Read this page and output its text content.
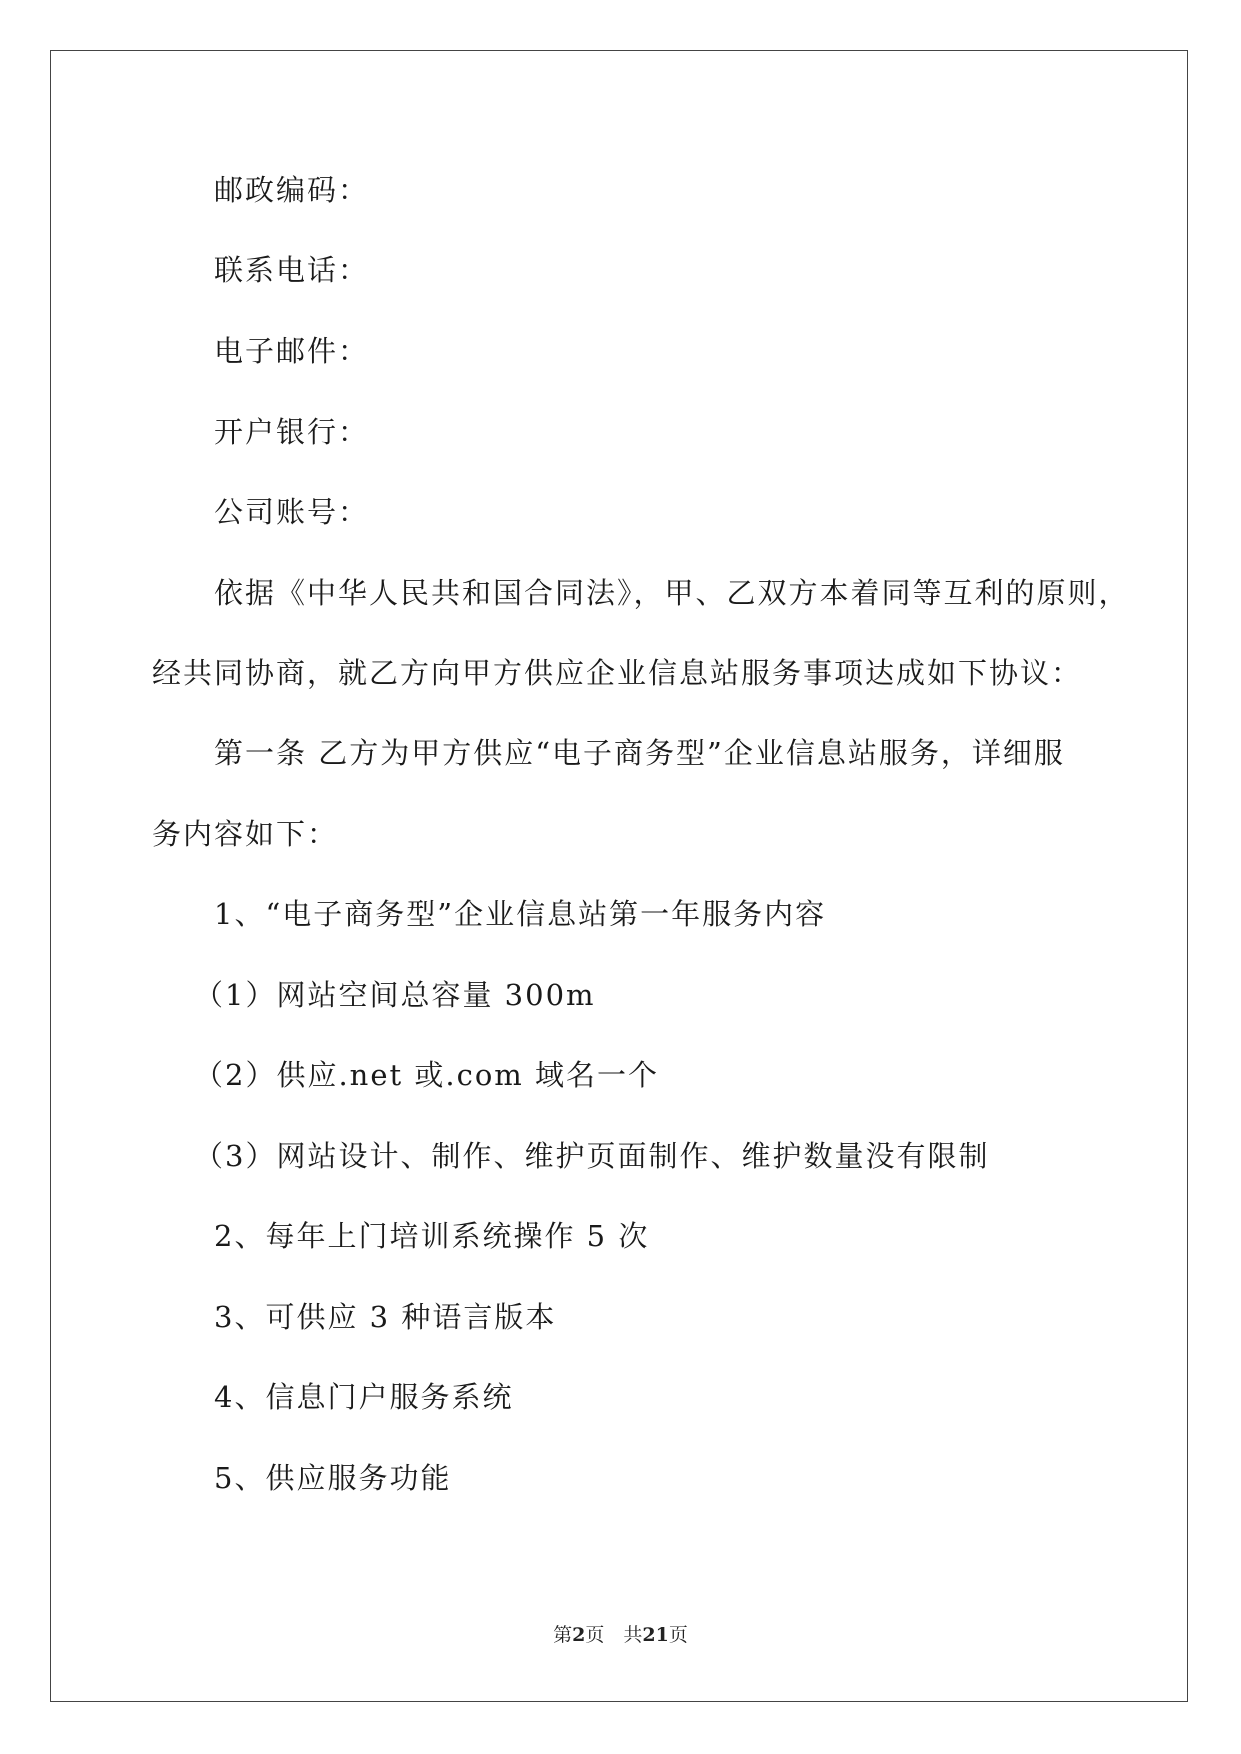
邮政编码：
联系电话：
电子邮件：
开户银行：
公司账号：
依据《中华人民共和国合同法》，甲、乙双方本着同等互利的原则，
经共同协商，就乙方向甲方供应企业信息站服务事项达成如下协议：
第一条 乙方为甲方供应“电子商务型”企业信息站服务，详细服
务内容如下：
1、“电子商务型”企业信息站第一年服务内容
（1）网站空间总容量 300m
（2）供应.net 或.com 域名一个
（3）网站设计、制作、维护页面制作、维护数量没有限制
2、每年上门培训系统操作 5 次
3、可供应 3 种语言版本
4、信息门户服务系统
5、供应服务功能
第2页　共21页
